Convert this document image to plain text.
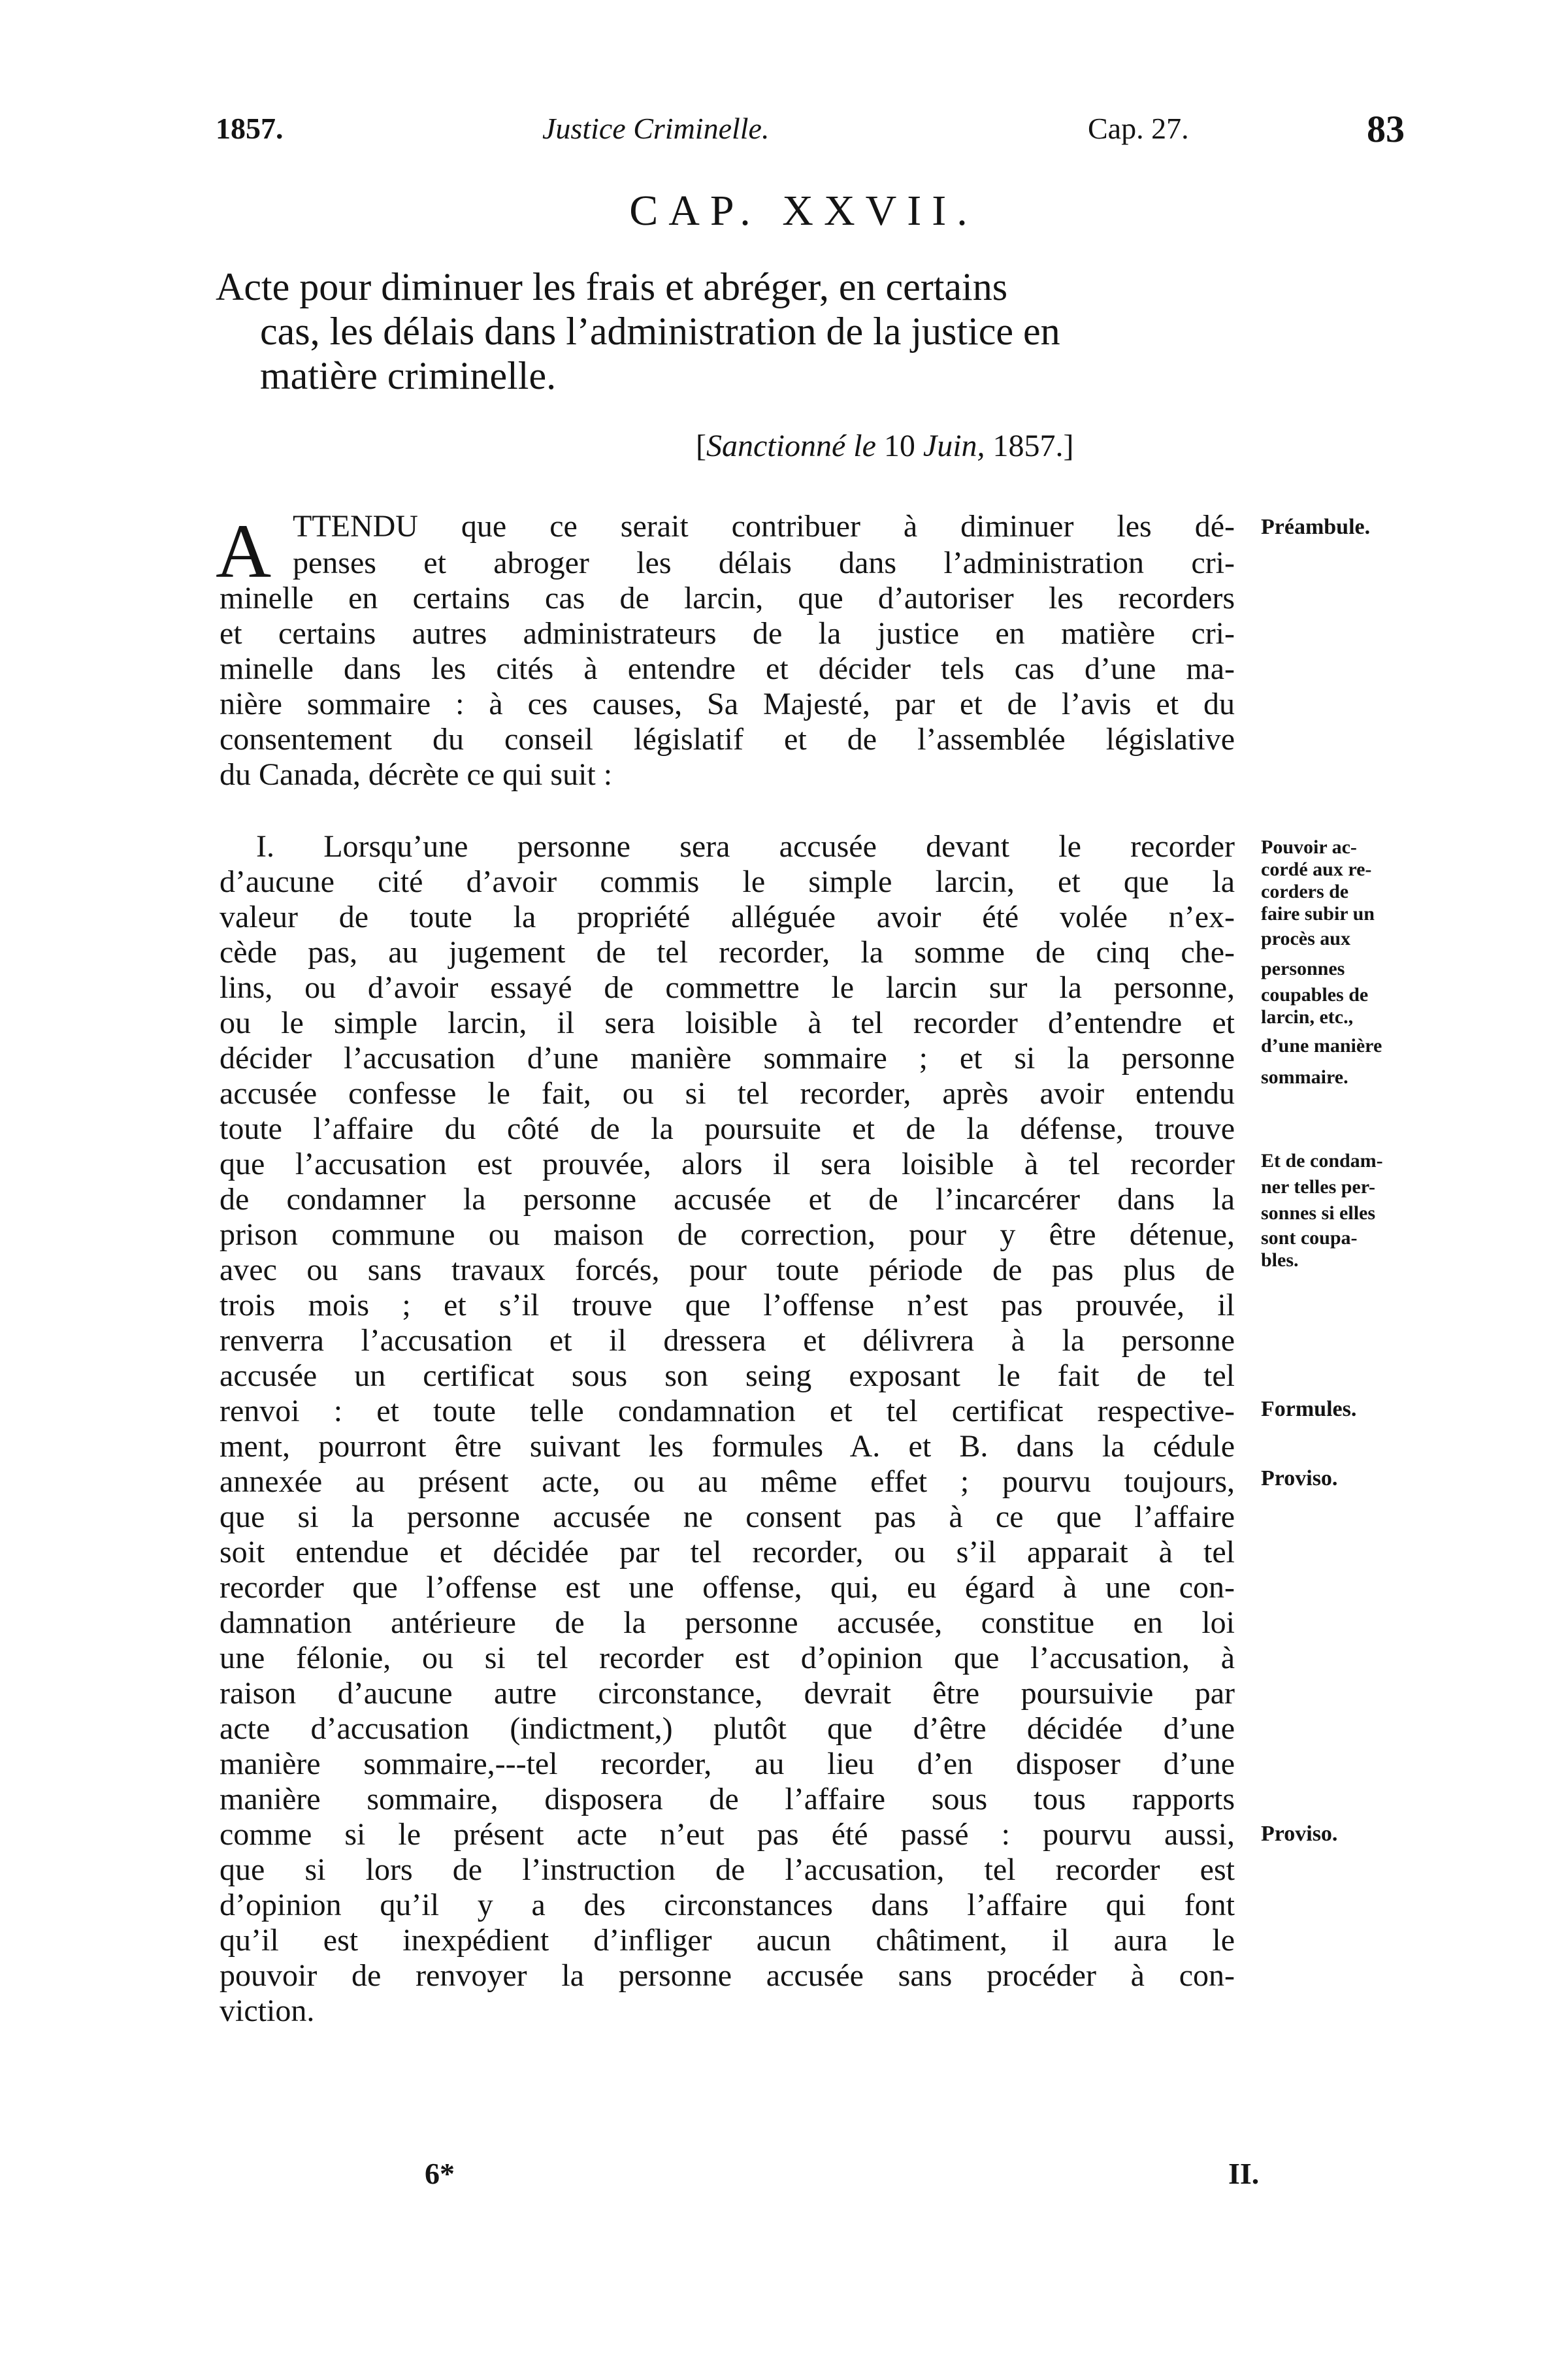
1857.	Justice Criminelle.	Cap. 27.	83
CAP. XXVII.
Acte pour diminuer les frais et abréger, en certains
cas, les délais dans l’administration de la justice en
matière criminelle.
[Sanctionné le 10 Juin, 1857.]
A TTENDU que ce serait contribuer à diminuer les dé-
penses et abroger les délais dans l’administration cri-
minelle en certains cas de larcin, que d’autoriser les recorders
et certains autres administrateurs de la justice en matière cri-
minelle dans les cités à entendre et décider tels cas d’une ma-
nière sommaire : à ces causes, Sa Majesté, par et de l’avis et du
consentement du conseil législatif et de l’assemblée législative
du Canada, décrète ce qui suit :
I. Lorsqu’une personne sera accusée devant le recorder
d’aucune cité d’avoir commis le simple larcin, et que la
valeur de toute la propriété alléguée avoir été volée n’ex-
cède pas, au jugement de tel recorder, la somme de cinq che-
lins, ou d’avoir essayé de commettre le larcin sur la personne,
ou le simple larcin, il sera loisible à tel recorder d’entendre et
décider l’accusation d’une manière sommaire ; et si la personne
accusée confesse le fait, ou si tel recorder, après avoir entendu
toute l’affaire du côté de la poursuite et de la défense, trouve
que l’accusation est prouvée, alors il sera loisible à tel recorder
de condamner la personne accusée et de l’incarcérer dans la
prison commune ou maison de correction, pour y être détenue,
avec ou sans travaux forcés, pour toute période de pas plus de
trois mois ; et s’il trouve que l’offense n’est pas prouvée, il
renverra l’accusation et il dressera et délivrera à la personne
accusée un certificat sous son seing exposant le fait de tel
renvoi : et toute telle condamnation et tel certificat respective-
ment, pourront être suivant les formules A. et B. dans la cédule
annexée au présent acte, ou au même effet ; pourvu toujours,
que si la personne accusée ne consent pas à ce que l’affaire
soit entendue et décidée par tel recorder, ou s’il apparait à tel
recorder que l’offense est une offense, qui, eu égard à une con-
damnation antérieure de la personne accusée, constitue en loi
une félonie, ou si tel recorder est d’opinion que l’accusation, à
raison d’aucune autre circonstance, devrait être poursuivie par
acte d’accusation (indictment,) plutôt que d’être décidée d’une
manière sommaire,---tel recorder, au lieu d’en disposer d’une
manière sommaire, disposera de l’affaire sous tous rapports
comme si le présent acte n’eut pas été passé : pourvu aussi,
que si lors de l’instruction de l’accusation, tel recorder est
d’opinion qu’il y a des circonstances dans l’affaire qui font
qu’il est inexpédient d’infliger aucun châtiment, il aura le
pouvoir de renvoyer la personne accusée sans procéder à con-
viction.
Préambule.
Pouvoir ac-
cordé aux re-
corders de
faire subir un
procès aux
personnes
coupables de
larcin, etc.,
d’une manière
sommaire.
Et de condam-
ner telles per-
sonnes si elles
sont coupa-
bles.
Formules.
Proviso.
Proviso.
6*	II.
